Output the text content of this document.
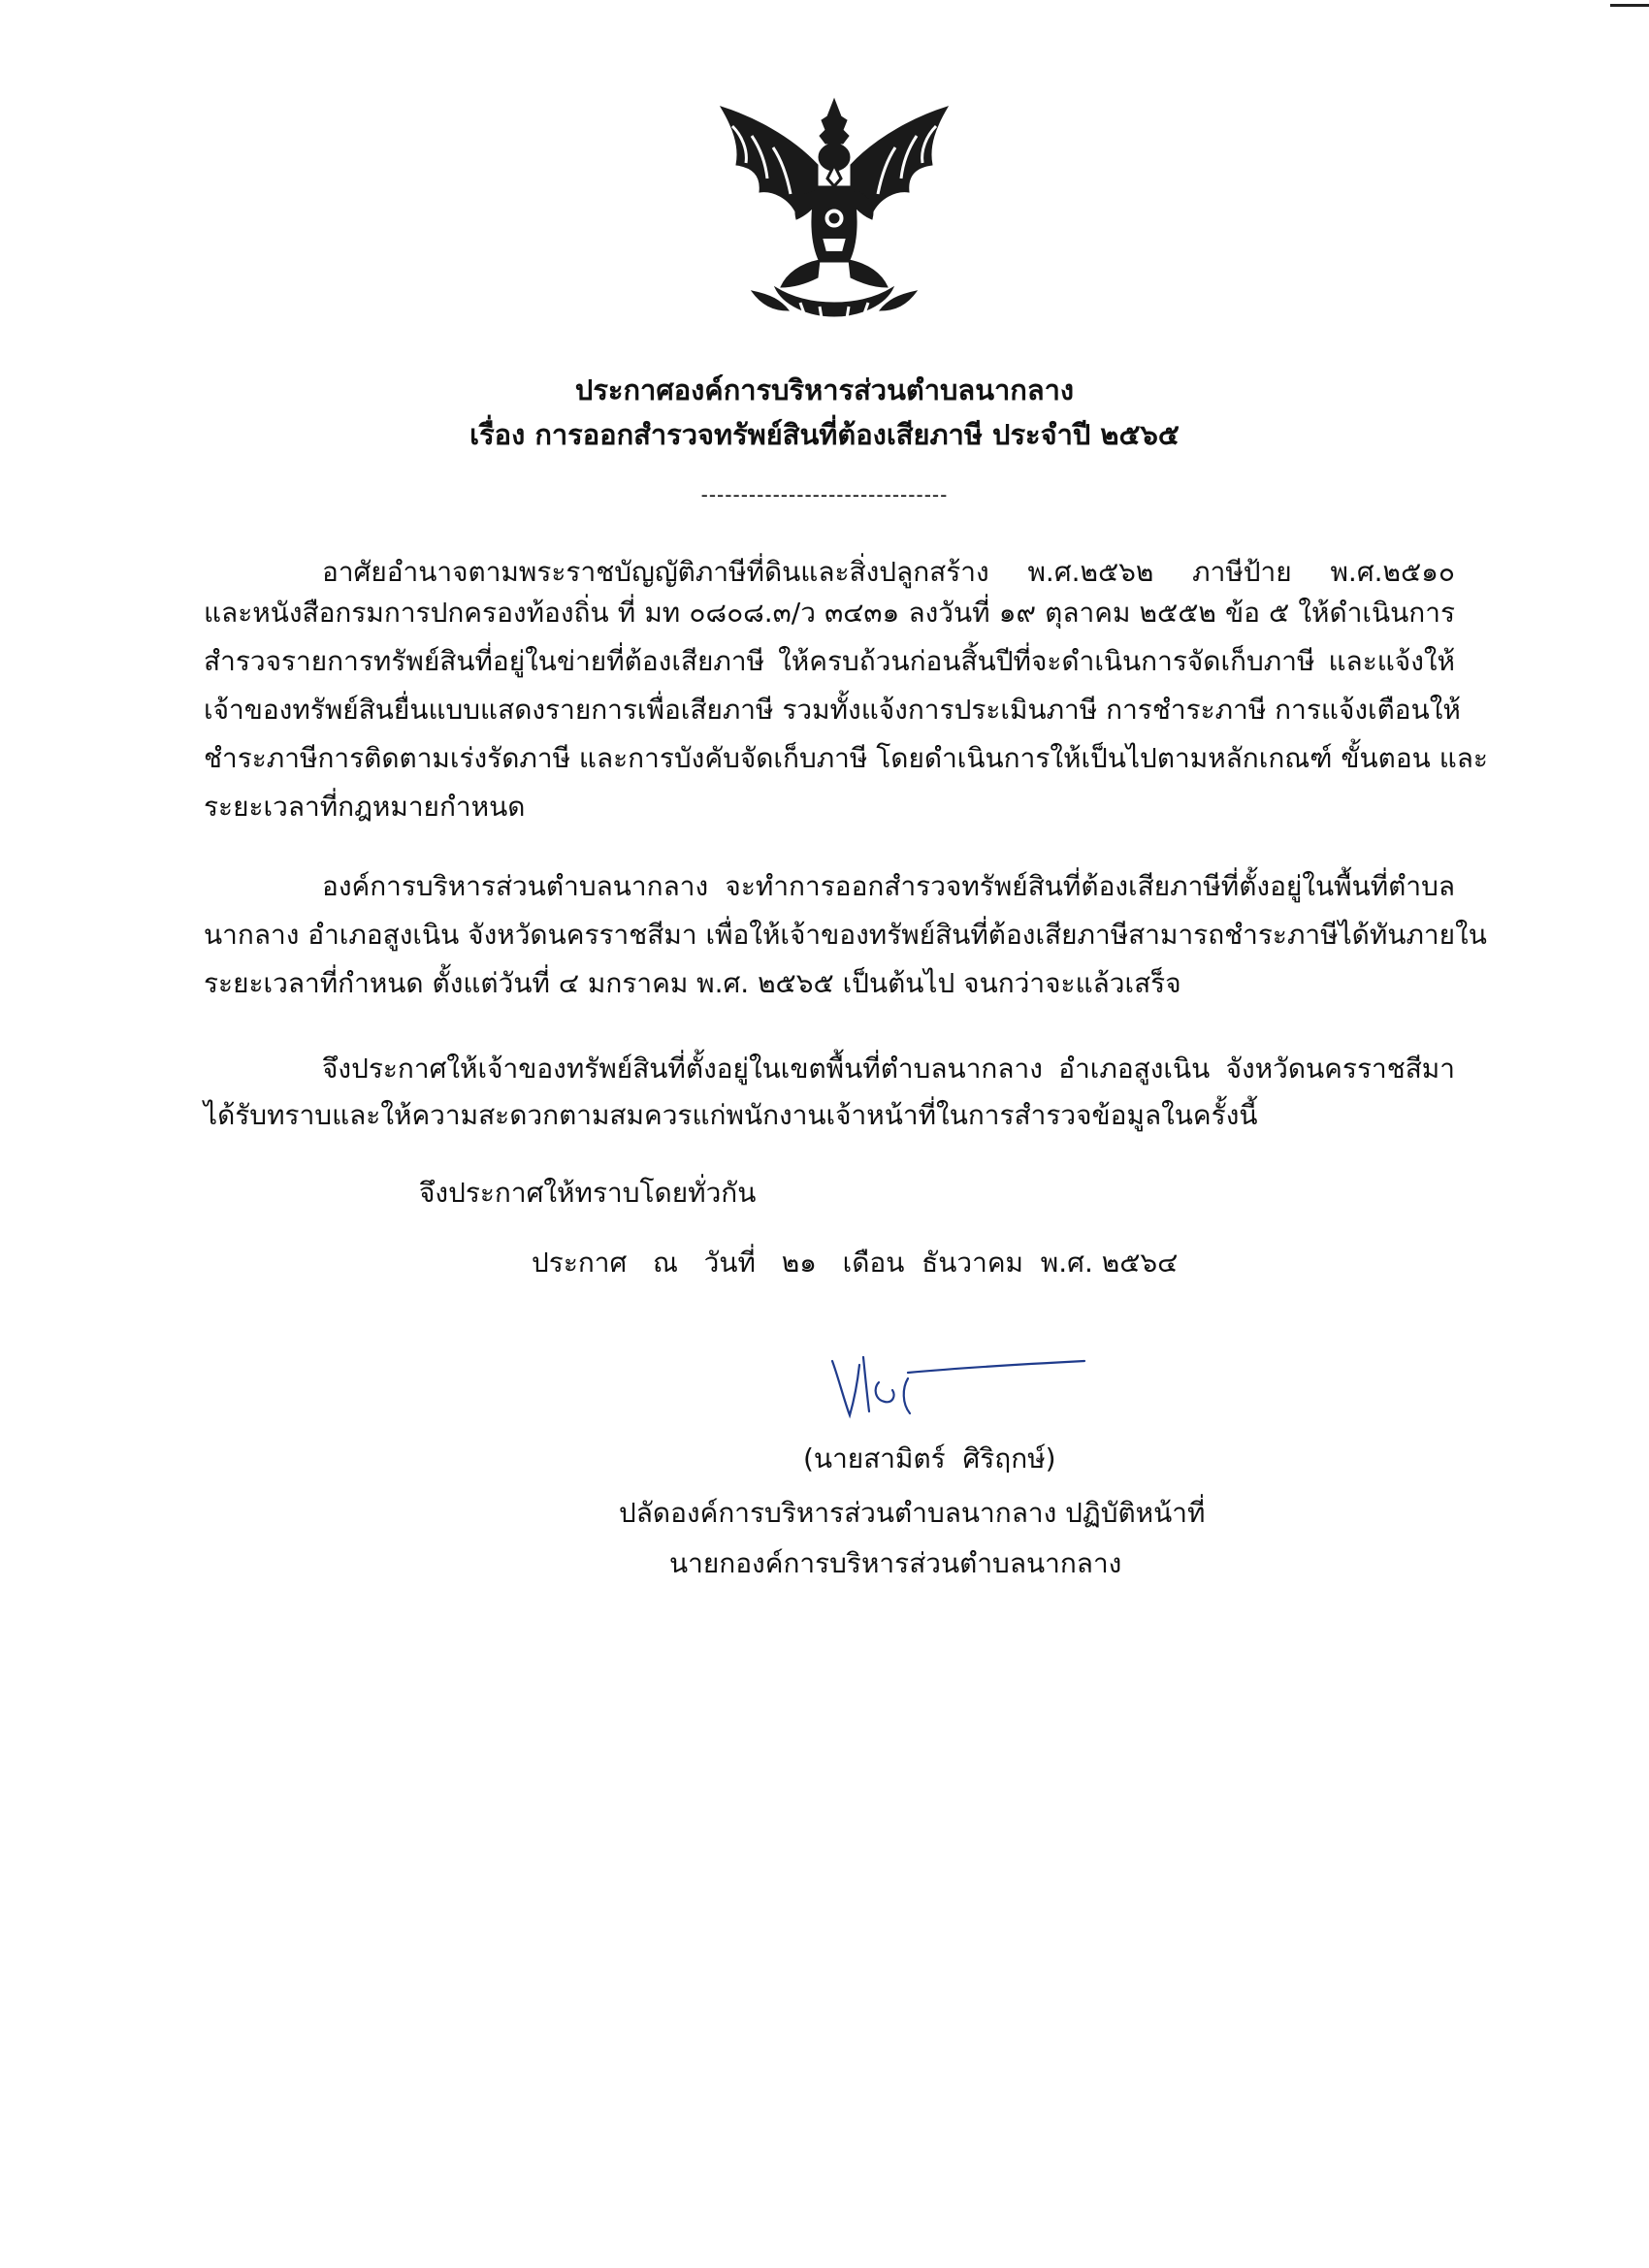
ประกาศองค์การบริหารส่วนตำบลนากลาง
เรื่อง การออกสำรวจทรัพย์สินที่ต้องเสียภาษี ประจำปี ๒๕๖๕
-------------------------------
อาศัยอำนาจตามพระราชบัญญัติภาษีที่ดินและสิ่งปลูกสร้าง พ.ศ.๒๕๖๒ ภาษีป้าย พ.ศ.๒๕๑๐
และหนังสือกรมการปกครองท้องถิ่น ที่ มท ๐๘๐๘.๓/ว ๓๔๓๑ ลงวันที่ ๑๙ ตุลาคม ๒๕๕๒ ข้อ ๕ ให้ดำเนินการ
สำรวจรายการทรัพย์สินที่อยู่ในข่ายที่ต้องเสียภาษี ให้ครบถ้วนก่อนสิ้นปีที่จะดำเนินการจัดเก็บภาษี และแจ้งให้
เจ้าของทรัพย์สินยื่นแบบแสดงรายการเพื่อเสียภาษี รวมทั้งแจ้งการประเมินภาษี การชำระภาษี การแจ้งเตือนให้
ชำระภาษีการติดตามเร่งรัดภาษี และการบังคับจัดเก็บภาษี โดยดำเนินการให้เป็นไปตามหลักเกณฑ์ ขั้นตอน และ
ระยะเวลาที่กฎหมายกำหนด
องค์การบริหารส่วนตำบลนากลาง จะทำการออกสำรวจทรัพย์สินที่ต้องเสียภาษีที่ตั้งอยู่ในพื้นที่ตำบล
นากลาง อำเภอสูงเนิน จังหวัดนครราชสีมา เพื่อให้เจ้าของทรัพย์สินที่ต้องเสียภาษีสามารถชำระภาษีได้ทันภายใน
ระยะเวลาที่กำหนด ตั้งแต่วันที่ ๔ มกราคม พ.ศ. ๒๕๖๕ เป็นต้นไป จนกว่าจะแล้วเสร็จ
จึงประกาศให้เจ้าของทรัพย์สินที่ตั้งอยู่ในเขตพื้นที่ตำบลนากลาง อำเภอสูงเนิน จังหวัดนครราชสีมา
ได้รับทราบและให้ความสะดวกตามสมควรแก่พนักงานเจ้าหน้าที่ในการสำรวจข้อมูลในครั้งนี้
จึงประกาศให้ทราบโดยทั่วกัน
ประกาศ   ณ   วันที่   ๒๑   เดือน  ธันวาคม  พ.ศ. ๒๕๖๔
(นายสามิตร์  ศิริฤกษ์)
ปลัดองค์การบริหารส่วนตำบลนากลาง ปฏิบัติหน้าที่
นายกองค์การบริหารส่วนตำบลนากลาง
